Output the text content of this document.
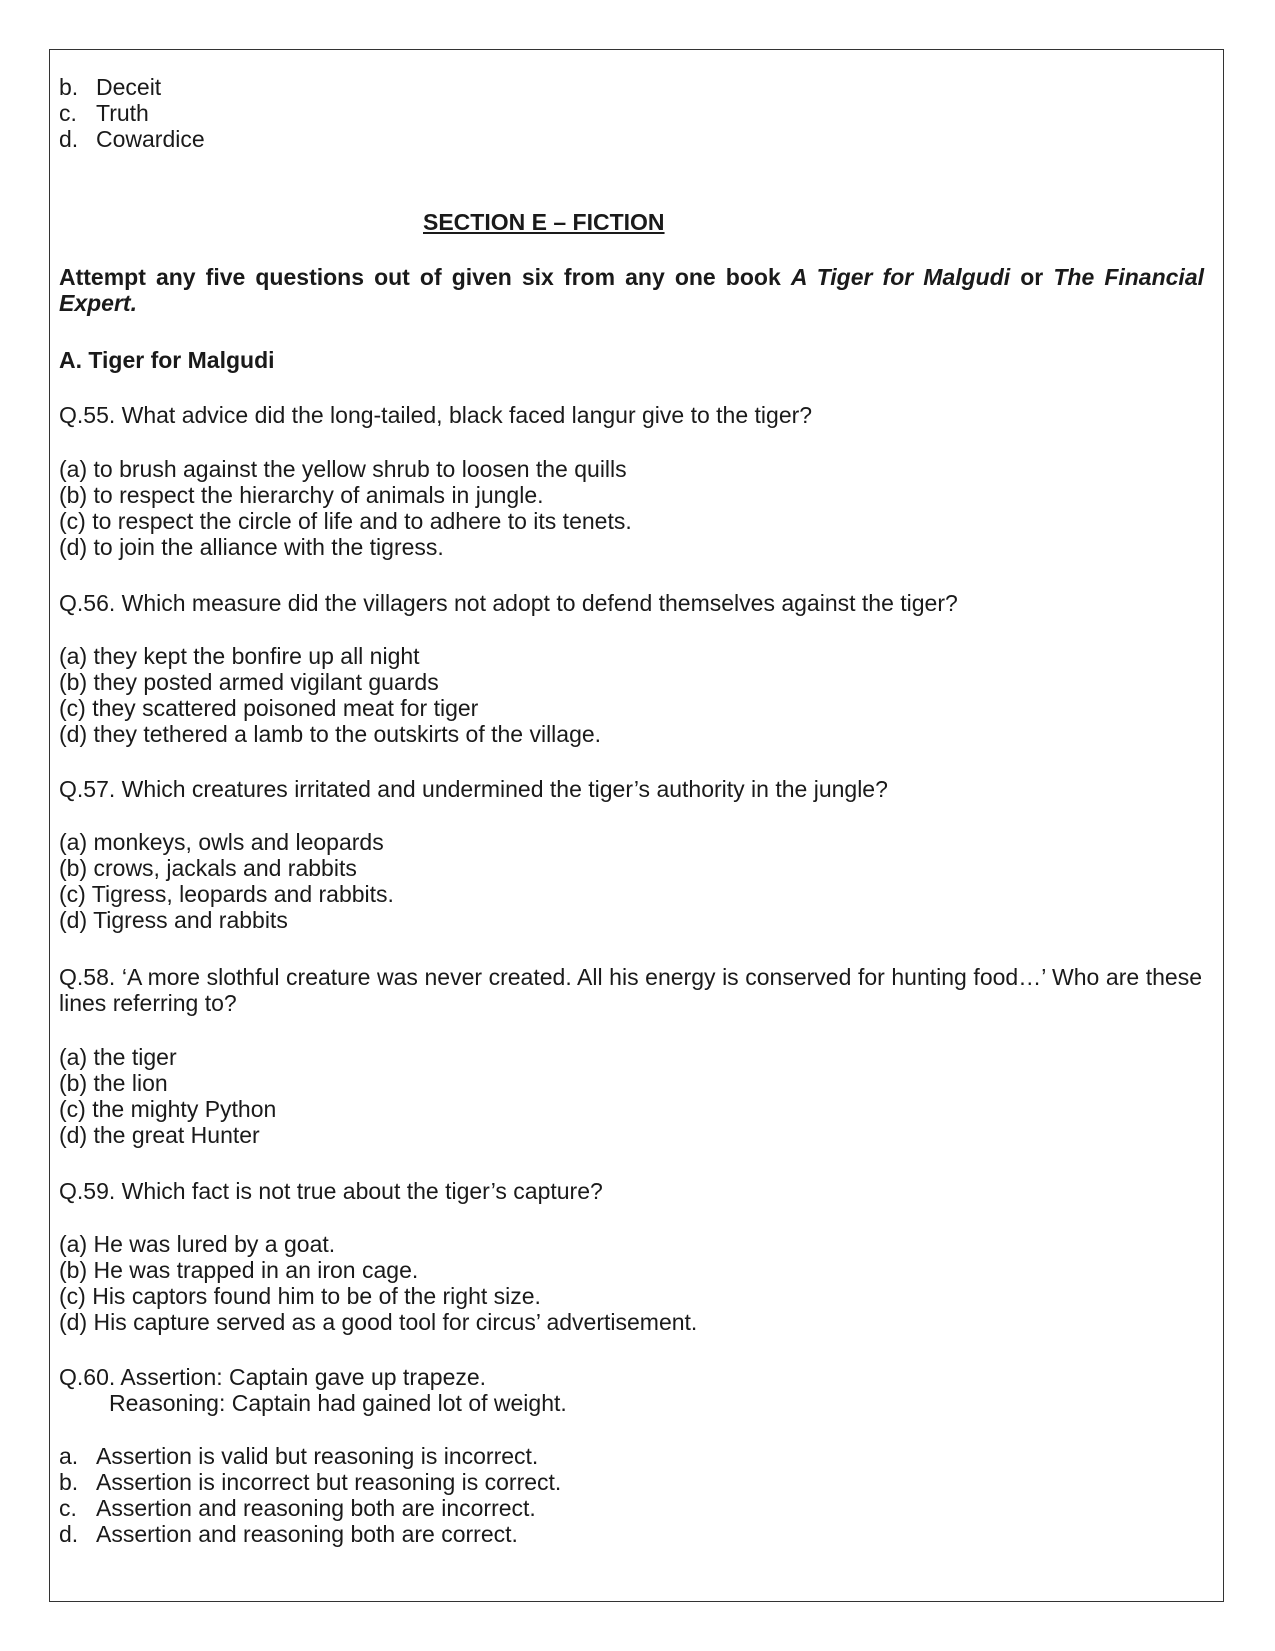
b. Deceit
c. Truth
d. Cowardice
SECTION E – FICTION
Attempt any five questions out of given six from any one book A Tiger for Malgudi or The Financial Expert.
A. Tiger for Malgudi
Q.55. What advice did the long-tailed, black faced langur give to the tiger?
(a) to brush against the yellow shrub to loosen the quills
(b) to respect the hierarchy of animals in jungle.
(c) to respect the circle of life and to adhere to its tenets.
(d) to join the alliance with the tigress.
Q.56. Which measure did the villagers not adopt to defend themselves against the tiger?
(a) they kept the bonfire up all night
(b) they posted armed vigilant guards
(c) they scattered poisoned meat for tiger
(d) they tethered a lamb to the outskirts of the village.
Q.57. Which creatures irritated and undermined the tiger’s authority in the jungle?
(a) monkeys, owls and leopards
(b) crows, jackals and rabbits
(c) Tigress, leopards and rabbits.
(d) Tigress and rabbits
Q.58. ‘A more slothful creature was never created. All his energy is conserved for hunting food…’ Who are these lines referring to?
(a) the tiger
(b) the lion
(c) the mighty Python
(d) the great Hunter
Q.59. Which fact is not true about the tiger’s capture?
(a) He was lured by a goat.
(b) He was trapped in an iron cage.
(c) His captors found him to be of the right size.
(d) His capture served as a good tool for circus’ advertisement.
Q.60. Assertion: Captain gave up trapeze.
Reasoning: Captain had gained lot of weight.
a. Assertion is valid but reasoning is incorrect.
b. Assertion is incorrect but reasoning is correct.
c. Assertion and reasoning both are incorrect.
d. Assertion and reasoning both are correct.
